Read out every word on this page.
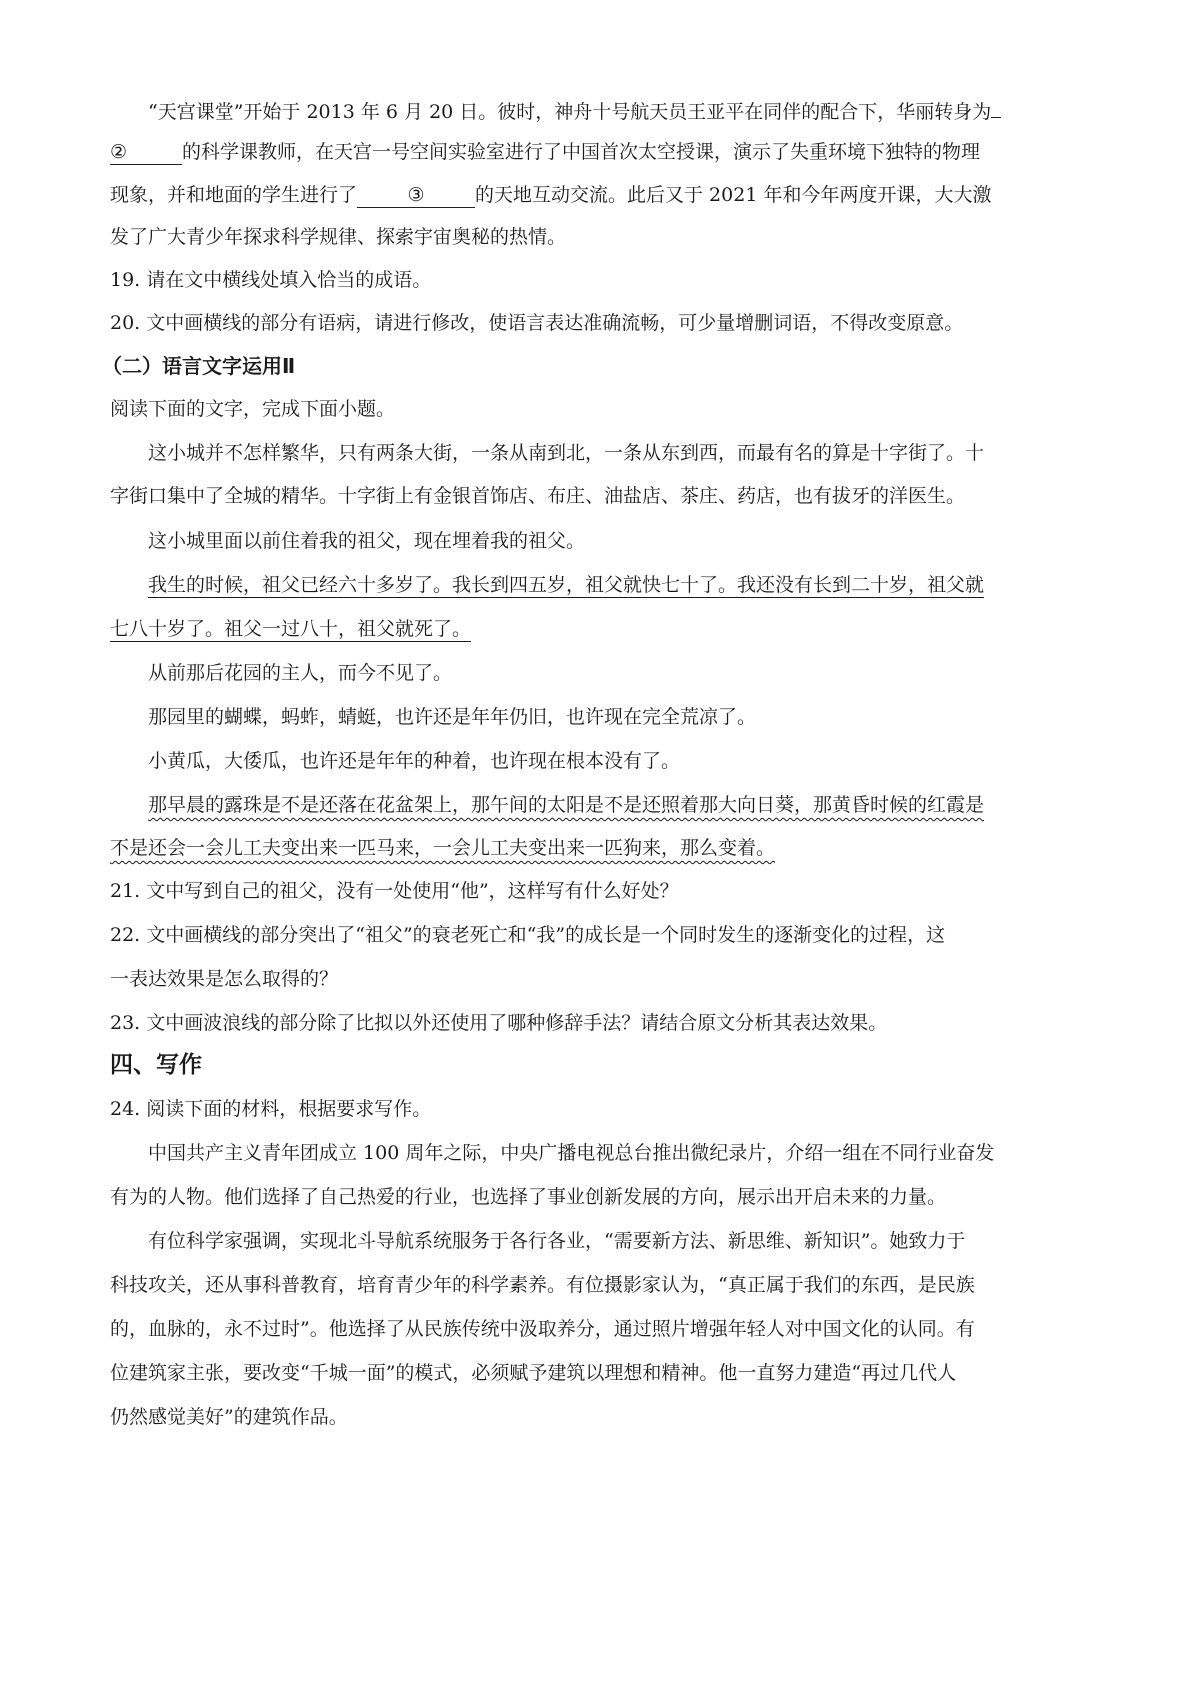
“天宫课堂”开始于 2013 年 6 月 20 日。彼时，神舟十号航天员王亚平在同伴的配合下，华丽转身为
②	的科学课教师，在天宫一号空间实验室进行了中国首次太空授课，演示了失重环境下独特的物理
现象，并和地面的学生进行了	③	的天地互动交流。此后又于 2021 年和今年两度开课，大大激
发了广大青少年探求科学规律、探索宇宙奥秘的热情。
19. 请在文中横线处填入恰当的成语。
20. 文中画横线的部分有语病，请进行修改，使语言表达准确流畅，可少量增删词语，不得改变原意。
（二）语言文字运用Ⅱ
阅读下面的文字，完成下面小题。
这小城并不怎样繁华，只有两条大街，一条从南到北，一条从东到西，而最有名的算是十字街了。十
字街口集中了全城的精华。十字街上有金银首饰店、布庄、油盐店、茶庄、药店，也有拔牙的洋医生。
这小城里面以前住着我的祖父，现在埋着我的祖父。
我生的时候，祖父已经六十多岁了。我长到四五岁，祖父就快七十了。我还没有长到二十岁，祖父就
七八十岁了。祖父一过八十，祖父就死了。
从前那后花园的主人，而今不见了。
那园里的蝴蝶，蚂蚱，蜻蜓，也许还是年年仍旧，也许现在完全荒凉了。
小黄瓜，大倭瓜，也许还是年年的种着，也许现在根本没有了。
那早晨的露珠是不是还落在花盆架上，那午间的太阳是不是还照着那大向日葵，那黄昏时候的红霞是
不是还会一会儿工夫变出来一匹马来，一会儿工夫变出来一匹狗来，那么变着。
21. 文中写到自己的祖父，没有一处使用“他”，这样写有什么好处？
22. 文中画横线的部分突出了“祖父”的衰老死亡和“我”的成长是一个同时发生的逐渐变化的过程，这
一表达效果是怎么取得的？
23. 文中画波浪线的部分除了比拟以外还使用了哪种修辞手法？请结合原文分析其表达效果。
四、写作
24. 阅读下面的材料，根据要求写作。
中国共产主义青年团成立 100 周年之际，中央广播电视总台推出微纪录片，介绍一组在不同行业奋发
有为的人物。他们选择了自己热爱的行业，也选择了事业创新发展的方向，展示出开启未来的力量。
有位科学家强调，实现北斗导航系统服务于各行各业，“需要新方法、新思维、新知识”。她致力于
科技攻关，还从事科普教育，培育青少年的科学素养。有位摄影家认为，“真正属于我们的东西，是民族
的，血脉的，永不过时”。他选择了从民族传统中汲取养分，通过照片增强年轻人对中国文化的认同。有
位建筑家主张，要改变“千城一面”的模式，必须赋予建筑以理想和精神。他一直努力建造“再过几代人
仍然感觉美好”的建筑作品。
